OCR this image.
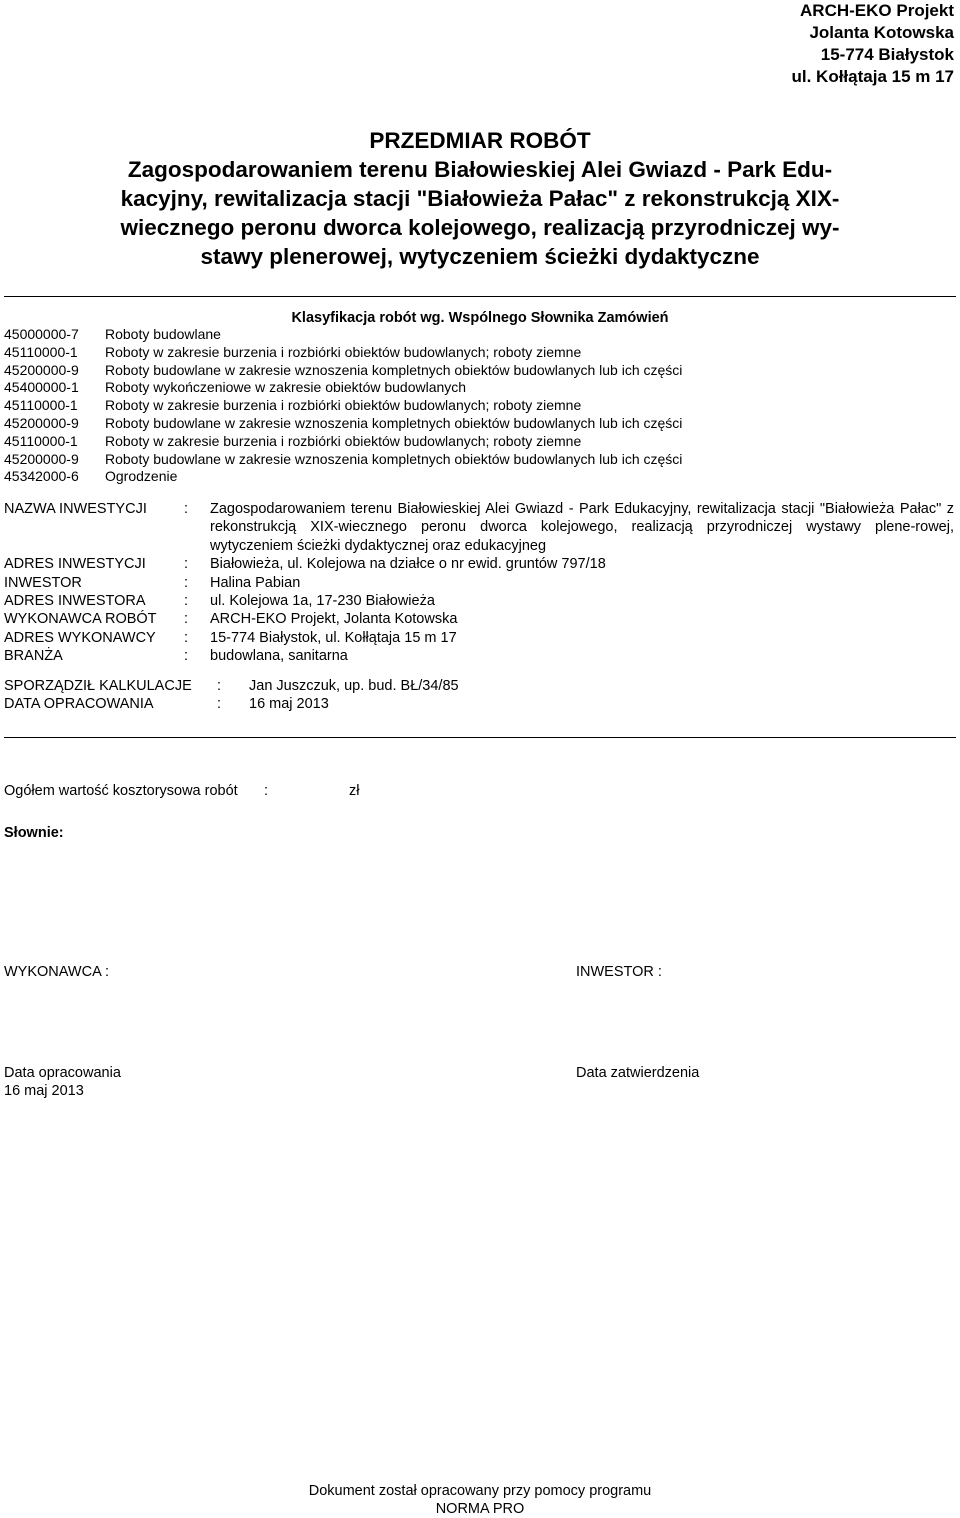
ARCH-EKO Projekt
Jolanta Kotowska
15-774 Białystok
ul. Kołłątaja 15 m 17
PRZEDMIAR ROBÓT
Zagospodarowaniem terenu Białowieskiej Alei Gwiazd - Park Edu-
kacyjny, rewitalizacja stacji "Białowieża Pałac" z rekonstrukcją XIX-
wiecznego peronu dworca kolejowego, realizacją przyrodniczej wy-
stawy plenerowej, wytyczeniem ścieżki dydaktyczne
Klasyfikacja robót wg. Wspólnego Słownika Zamówień
45000000-7	Roboty budowlane
45110000-1	Roboty w zakresie burzenia i rozbiórki obiektów budowlanych; roboty ziemne
45200000-9	Roboty budowlane w zakresie wznoszenia kompletnych obiektów budowlanych lub ich części
45400000-1	Roboty wykończeniowe w zakresie obiektów budowlanych
45110000-1	Roboty w zakresie burzenia i rozbiórki obiektów budowlanych; roboty ziemne
45200000-9	Roboty budowlane w zakresie wznoszenia kompletnych obiektów budowlanych lub ich części
45110000-1	Roboty w zakresie burzenia i rozbiórki obiektów budowlanych; roboty ziemne
45200000-9	Roboty budowlane w zakresie wznoszenia kompletnych obiektów budowlanych lub ich części
45342000-6	Ogrodzenie
NAZWA INWESTYCJI	:	Zagospodarowaniem terenu Białowieskiej Alei Gwiazd - Park Edukacyjny, rewitalizacja stacji "Białowieża Pałac" z rekonstrukcją XIX-wiecznego peronu dworca kolejowego, realizacją przyrodniczej wystawy plene-rowej, wytyczeniem ścieżki dydaktycznej oraz edukacyjneg
ADRES INWESTYCJI	:	Białowieża, ul. Kolejowa na działce o nr ewid. gruntów 797/18
INWESTOR	:	Halina Pabian
ADRES INWESTORA	:	ul. Kolejowa 1a, 17-230 Białowieża
WYKONAWCA ROBÓT	:	ARCH-EKO Projekt, Jolanta Kotowska
ADRES WYKONAWCY	:	15-774 Białystok, ul. Kołłątaja 15 m 17
BRANŻA	:	budowlana, sanitarna
SPORZĄDZIŁ KALKULACJE	:	Jan Juszczuk, up. bud. BŁ/34/85
DATA OPRACOWANIA	:	16 maj 2013
Ogółem wartość kosztorysowa robót :	zł
Słownie:
WYKONAWCA :	INWESTOR :
Data opracowania
16 maj 2013
Data zatwierdzenia
Dokument został opracowany przy pomocy programu
NORMA PRO
